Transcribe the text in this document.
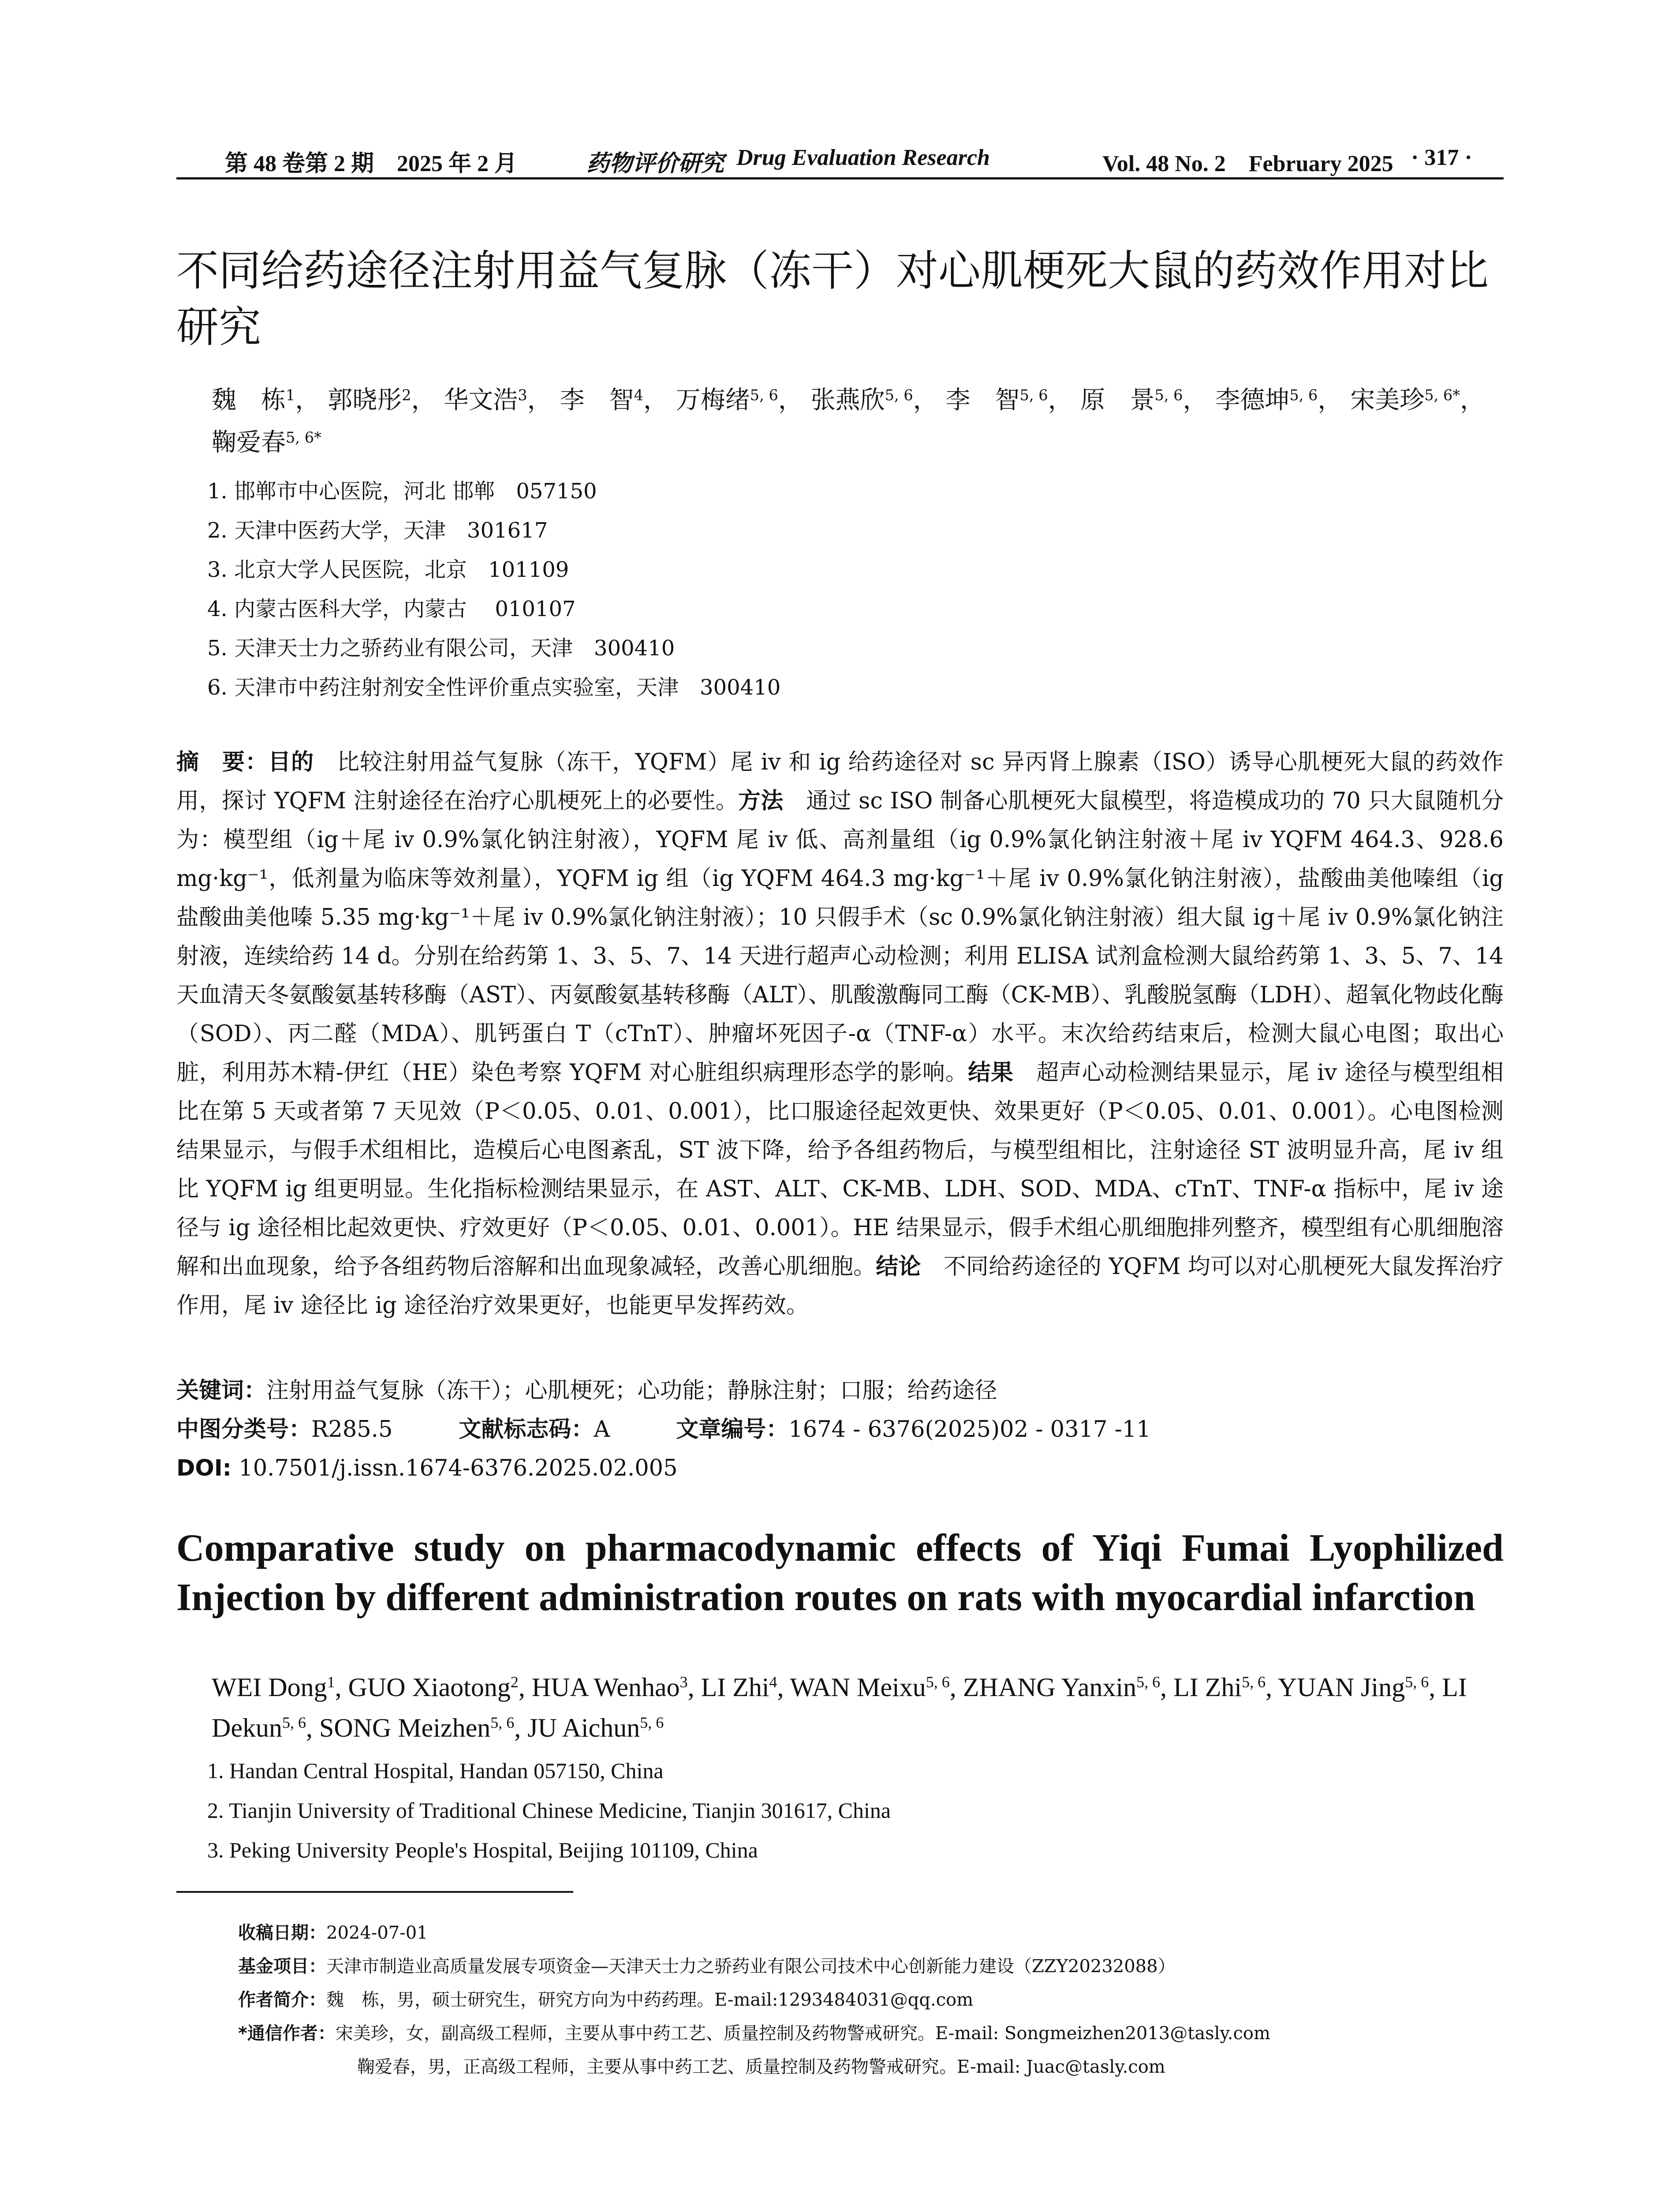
第 48 卷第 2 期　2025 年 2 月	药物评价研究 Drug Evaluation Research	Vol. 48 No. 2　February 2025 · 317 ·
不同给药途径注射用益气复脉（冻干）对心肌梗死大鼠的药效作用对比
研究
魏　栋$^1$， 郭晓彤$^2$， 华文浩$^3$， 李　智$^4$， 万梅绪$^{5, 6}$， 张燕欣$^{5, 6}$， 李　智$^{5, 6}$， 原　景$^{5, 6}$， 李德坤$^{5, 6}$， 宋美珍$^{5, 6*}$， 鞠爱春$^{5, 6*}$
1. 邯郸市中心医院，河北 邯郸　057150
2. 天津中医药大学，天津　301617
3. 北京大学人民医院，北京　101109
4. 内蒙古医科大学，内蒙古　 010107
5. 天津天士力之骄药业有限公司，天津　300410
6. 天津市中药注射剂安全性评价重点实验室，天津　300410
摘　要：目的　比较注射用益气复脉（冻干，YQFM）尾 iv 和 ig 给药途径对 sc 异丙肾上腺素（ISO）诱导心肌梗死大鼠的药效作用，探讨 YQFM 注射途径在治疗心肌梗死上的必要性。方法　通过 sc ISO 制备心肌梗死大鼠模型，将造模成功的 70 只大鼠随机分为：模型组（ig＋尾 iv 0.9%氯化钠注射液），YQFM 尾 iv 低、高剂量组（ig 0.9%氯化钠注射液＋尾 iv YQFM 464.3、928.6 mg·kg⁻¹，低剂量为临床等效剂量），YQFM ig 组（ig YQFM 464.3 mg·kg⁻¹＋尾 iv 0.9%氯化钠注射液），盐酸曲美他嗪组（ig 盐酸曲美他嗪 5.35 mg·kg⁻¹＋尾 iv 0.9%氯化钠注射液）；10 只假手术（sc 0.9%氯化钠注射液）组大鼠 ig＋尾 iv 0.9%氯化钠注射液，连续给药 14 d。分别在给药第 1、3、5、7、14 天进行超声心动检测；利用 ELISA 试剂盒检测大鼠给药第 1、3、5、7、14 天血清天冬氨酸氨基转移酶（AST）、丙氨酸氨基转移酶（ALT）、肌酸激酶同工酶（CK-MB）、乳酸脱氢酶（LDH）、超氧化物歧化酶（SOD）、丙二醛（MDA）、肌钙蛋白 T（cTnT）、肿瘤坏死因子-α（TNF-α）水平。末次给药结束后，检测大鼠心电图；取出心脏，利用苏木精-伊红（HE）染色考察 YQFM 对心脏组织病理形态学的影响。结果　超声心动检测结果显示，尾 iv 途径与模型组相比在第 5 天或者第 7 天见效（P＜0.05、0.01、0.001），比口服途径起效更快、效果更好（P＜0.05、0.01、0.001）。心电图检测结果显示，与假手术组相比，造模后心电图紊乱，ST 波下降，给予各组药物后，与模型组相比，注射途径 ST 波明显升高，尾 iv 组比 YQFM ig 组更明显。生化指标检测结果显示，在 AST、ALT、CK-MB、LDH、SOD、MDA、cTnT、TNF-α 指标中，尾 iv 途径与 ig 途径相比起效更快、疗效更好（P＜0.05、0.01、0.001）。HE 结果显示，假手术组心肌细胞排列整齐，模型组有心肌细胞溶解和出血现象，给予各组药物后溶解和出血现象减轻，改善心肌细胞。结论　不同给药途径的 YQFM 均可以对心肌梗死大鼠发挥治疗作用，尾 iv 途径比 ig 途径治疗效果更好，也能更早发挥药效。
关键词：注射用益气复脉（冻干）；心肌梗死；心功能；静脉注射；口服；给药途径
中图分类号：R285.5	文献标志码：A	文章编号：1674 - 6376(2025)02 - 0317 -11
DOI: 10.7501/j.issn.1674-6376.2025.02.005
Comparative study on pharmacodynamic effects of Yiqi Fumai Lyophilized Injection by different administration routes on rats with myocardial infarction
WEI Dong$^1$, GUO Xiaotong$^2$, HUA Wenhao$^3$, LI Zhi$^4$, WAN Meixu$^{5, 6}$, ZHANG Yanxin$^{5, 6}$, LI Zhi$^{5, 6}$, YUAN Jing$^{5, 6}$, LI Dekun$^{5, 6}$, SONG Meizhen$^{5, 6}$, JU Aichun$^{5, 6}$
1. Handan Central Hospital, Handan 057150, China
2. Tianjin University of Traditional Chinese Medicine, Tianjin 301617, China
3. Peking University People's Hospital, Beijing 101109, China
收稿日期：2024-07-01
基金项目：天津市制造业高质量发展专项资金—天津天士力之骄药业有限公司技术中心创新能力建设（ZZY20232088）
作者简介：魏　栋，男，硕士研究生，研究方向为中药药理。E-mail:1293484031@qq.com
*通信作者：宋美珍，女，副高级工程师，主要从事中药工艺、质量控制及药物警戒研究。E-mail: Songmeizhen2013@tasly.com
鞠爱春，男，正高级工程师，主要从事中药工艺、质量控制及药物警戒研究。E-mail: Juac@tasly.com
